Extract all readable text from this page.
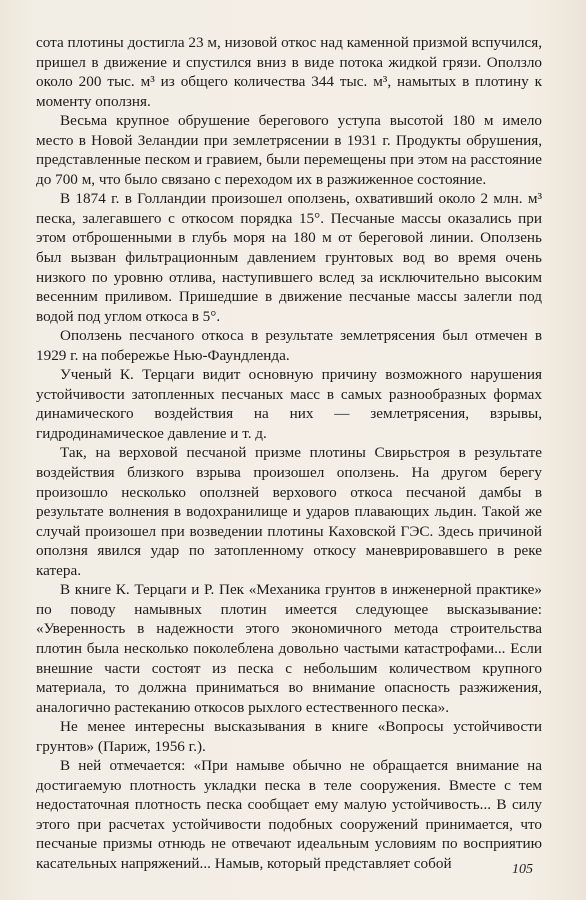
сота плотины достигла 23 м, низовой откос над каменной призмой вспучился, пришел в движение и спустился вниз в виде потока жидкой грязи. Оползло около 200 тыс. м³ из общего количества 344 тыс. м³, намытых в плотину к моменту оползня.

Весьма крупное обрушение берегового уступа высотой 180 м имело место в Новой Зеландии при землетрясении в 1931 г. Продукты обрушения, представленные песком и гравием, были перемещены при этом на расстояние до 700 м, что было связано с переходом их в разжиженное состояние.

В 1874 г. в Голландии произошел оползень, охвативший около 2 млн. м³ песка, залегавшего с откосом порядка 15°. Песчаные массы оказались при этом отброшенными в глубь моря на 180 м от береговой линии. Оползень был вызван фильтрационным давлением грунтовых вод во время очень низкого по уровню отлива, наступившего вслед за исключительно высоким весенним приливом. Пришедшие в движение песчаные массы залегли под водой под углом откоса в 5°.

Оползень песчаного откоса в результате землетрясения был отмечен в 1929 г. на побережье Нью-Фаундленда.

Ученый К. Терцаги видит основную причину возможного нарушения устойчивости затопленных песчаных масс в самых разнообразных формах динамического воздействия на них — землетрясения, взрывы, гидродинамическое давление и т. д.

Так, на верховой песчаной призме плотины Свирьстроя в результате воздействия близкого взрыва произошел оползень. На другом берегу произошло несколько оползней верхового откоса песчаной дамбы в результате волнения в водохранилище и ударов плавающих льдин. Такой же случай произошел при возведении плотины Каховской ГЭС. Здесь причиной оползня явился удар по затопленному откосу маневрировавшего в реке катера.

В книге К. Терцаги и Р. Пек «Механика грунтов в инженерной практике» по поводу намывных плотин имеется следующее высказывание: «Уверенность в надежности этого экономичного метода строительства плотин была несколько поколеблена довольно частыми катастрофами... Если внешние части состоят из песка с небольшим количеством крупного материала, то должна приниматься во внимание опасность разжижения, аналогично растеканию откосов рыхлого естественного песка».

Не менее интересны высказывания в книге «Вопросы устойчивости грунтов» (Париж, 1956 г.).

В ней отмечается: «При намыве обычно не обращается внимание на достигаемую плотность укладки песка в теле сооружения. Вместе с тем недостаточная плотность песка сообщает ему малую устойчивость... В силу этого при расчетах устойчивости подобных сооружений принимается, что песчаные призмы отнюдь не отвечают идеальным условиям по восприятию касательных напряжений... Намыв, который представляет собой	105
